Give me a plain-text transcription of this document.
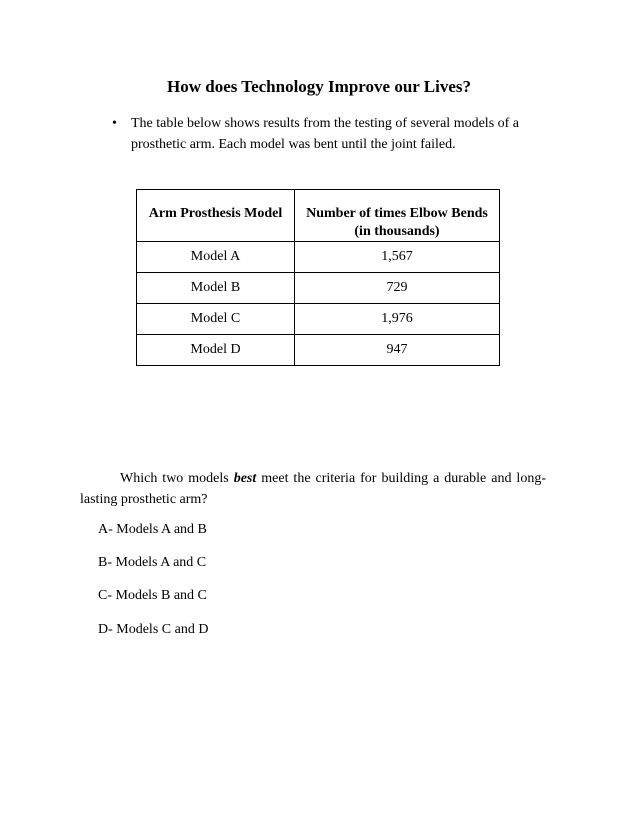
How does Technology Improve our Lives?
• The table below shows results from the testing of several models of a prosthetic arm. Each model was bent until the joint failed.
Arm Prosthesis Model	Number of times Elbow Bends
(in thousands)

Model A	1,567
Model B	729
Model C	1,976
Model D	947
Which two models best meet the criteria for building a durable and long-lasting prosthetic arm?
A- Models A and B
B- Models A and C
C- Models B and C
D- Models C and D
